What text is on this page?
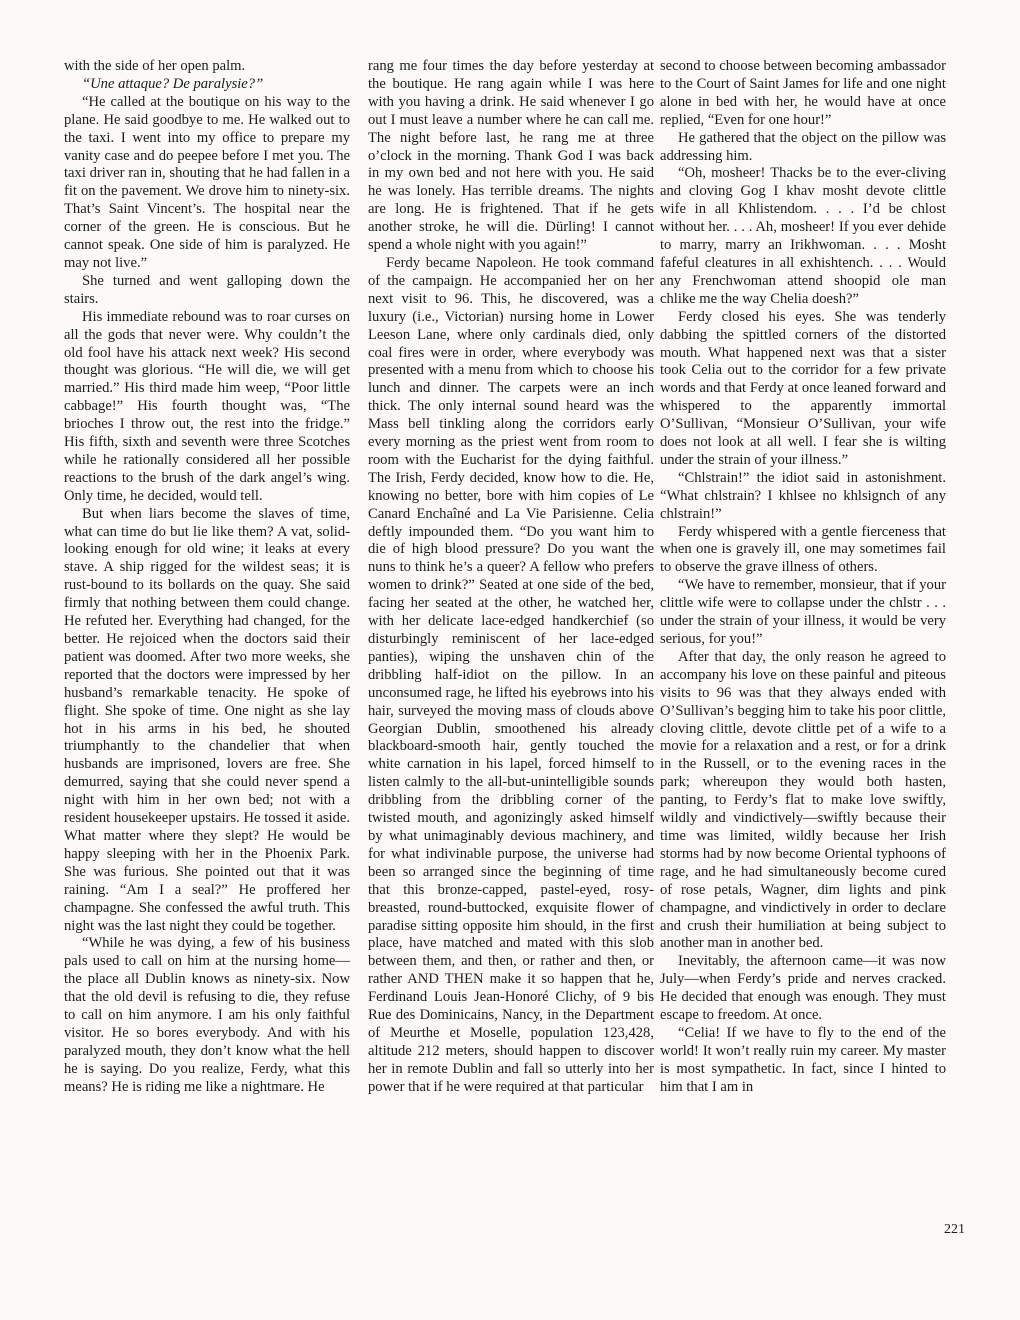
with the side of her open palm.

“Une attaque? De paralysie?”

“He called at the boutique on his way to the plane. He said goodbye to me. He walked out to the taxi. I went into my office to prepare my vanity case and do peepee before I met you. The taxi driver ran in, shouting that he had fallen in a fit on the pavement. We drove him to ninety-six. That’s Saint Vincent’s. The hospital near the corner of the green. He is conscious. But he cannot speak. One side of him is paralyzed. He may not live.”

She turned and went galloping down the stairs.

His immediate rebound was to roar curses on all the gods that never were. Why couldn’t the old fool have his attack next week? His second thought was glorious. “He will die, we will get married.” His third made him weep, “Poor little cabbage!” His fourth thought was, “The brioches I throw out, the rest into the fridge.” His fifth, sixth and seventh were three Scotches while he rationally considered all her possible reactions to the brush of the dark angel’s wing. Only time, he decided, would tell.

But when liars become the slaves of time, what can time do but lie like them? A vat, solid-looking enough for old wine; it leaks at every stave. A ship rigged for the wildest seas; it is rust-bound to its bollards on the quay. She said firmly that nothing between them could change. He refuted her. Everything had changed, for the better. He rejoiced when the doctors said their patient was doomed. After two more weeks, she reported that the doctors were impressed by her husband’s remarkable tenacity. He spoke of flight. She spoke of time. One night as she lay hot in his arms in his bed, he shouted triumphantly to the chandelier that when husbands are imprisoned, lovers are free. She demurred, saying that she could never spend a night with him in her own bed; not with a resident housekeeper upstairs. He tossed it aside. What matter where they slept? He would be happy sleeping with her in the Phoenix Park. She was furious. She pointed out that it was raining. “Am I a seal?” He proffered her champagne. She confessed the awful truth. This night was the last night they could be together.

“While he was dying, a few of his business pals used to call on him at the nursing home—the place all Dublin knows as ninety-six. Now that the old devil is refusing to die, they refuse to call on him anymore. I am his only faithful visitor. He so bores everybody. And with his paralyzed mouth, they don’t know what the hell he is saying. Do you realize, Ferdy, what this means? He is riding me like a nightmare. He

rang me four times the day before yesterday at the boutique. He rang again while I was here with you having a drink. He said whenever I go out I must leave a number where he can call me. The night before last, he rang me at three o’clock in the morning. Thank God I was back in my own bed and not here with you. He said he was lonely. Has terrible dreams. The nights are long. He is frightened. That if he gets another stroke, he will die. Dürling! I cannot spend a whole night with you again!”

Ferdy became Napoleon. He took command of the campaign. He accompanied her on her next visit to 96. This, he discovered, was a luxury (i.e., Victorian) nursing home in Lower Leeson Lane, where only cardinals died, only coal fires were in order, where everybody was presented with a menu from which to choose his lunch and dinner. The carpets were an inch thick. The only internal sound heard was the Mass bell tinkling along the corridors early every morning as the priest went from room to room with the Eucharist for the dying faithful. The Irish, Ferdy decided, know how to die. He, knowing no better, bore with him copies of Le Canard Enchaîné and La Vie Parisienne. Celia deftly impounded them. “Do you want him to die of high blood pressure? Do you want the nuns to think he’s a queer? A fellow who prefers women to drink?” Seated at one side of the bed, facing her seated at the other, he watched her, with her delicate lace-edged handkerchief (so disturbingly reminiscent of her lace-edged panties), wiping the unshaven chin of the dribbling half-idiot on the pillow. In an unconsumed rage, he lifted his eyebrows into his hair, surveyed the moving mass of clouds above Georgian Dublin, smoothened his already blackboard-smooth hair, gently touched the white carnation in his lapel, forced himself to listen calmly to the all-but-unintelligible sounds dribbling from the dribbling corner of the twisted mouth, and agonizingly asked himself by what unimaginably devious machinery, and for what indivinable purpose, the universe had been so arranged since the beginning of time that this bronze-capped, pastel-eyed, rosy-breasted, round-buttocked, exquisite flower of paradise sitting opposite him should, in the first place, have matched and mated with this slob between them, and then, or rather and then, or rather AND THEN make it so happen that he, Ferdinand Louis Jean-Honoré Clichy, of 9 bis Rue des Dominicains, Nancy, in the Department of Meurthe et Moselle, population 123,428, altitude 212 meters, should happen to discover her in remote Dublin and fall so utterly into her power that if he were required at that particular

second to choose between becoming ambassador to the Court of Saint James for life and one night alone in bed with her, he would have at once replied, “Even for one hour!”

He gathered that the object on the pillow was addressing him.

“Oh, mosheer! Thacks be to the ever-cliving and cloving Gog I khav mosht devote clittle wife in all Khlistendom. . . . I’d be chlost without her. . . . Ah, mosheer! If you ever dehide to marry, marry an Irikhwoman. . . . Mosht fafeful cleatures in all exhishtench. . . . Would any Frenchwoman attend shoopid ole man chlike me the way Chelia doesh?”

Ferdy closed his eyes. She was tenderly dabbing the spittled corners of the distorted mouth. What happened next was that a sister took Celia out to the corridor for a few private words and that Ferdy at once leaned forward and whispered to the apparently immortal O’Sullivan, “Monsieur O’Sullivan, your wife does not look at all well. I fear she is wilting under the strain of your illness.”

“Chlstrain!” the idiot said in astonishment. “What chlstrain? I khlsee no khlsignch of any chlstrain!”

Ferdy whispered with a gentle fierceness that when one is gravely ill, one may sometimes fail to observe the grave illness of others.

“We have to remember, monsieur, that if your clittle wife were to collapse under the chlstr . . . under the strain of your illness, it would be very serious, for you!”

After that day, the only reason he agreed to accompany his love on these painful and piteous visits to 96 was that they always ended with O’Sullivan’s begging him to take his poor clittle, cloving clittle, devote clittle pet of a wife to a movie for a relaxation and a rest, or for a drink in the Russell, or to the evening races in the park; whereupon they would both hasten, panting, to Ferdy’s flat to make love swiftly, wildly and vindictively—swiftly because their time was limited, wildly because her Irish storms had by now become Oriental typhoons of rage, and he had simultaneously become cured of rose petals, Wagner, dim lights and pink champagne, and vindictively in order to declare and crush their humiliation at being subject to another man in another bed.

Inevitably, the afternoon came—it was now July—when Ferdy’s pride and nerves cracked. He decided that enough was enough. They must escape to freedom. At once.

“Celia! If we have to fly to the end of the world! It won’t really ruin my career. My master is most sympathetic. In fact, since I hinted to him that I am in

221
